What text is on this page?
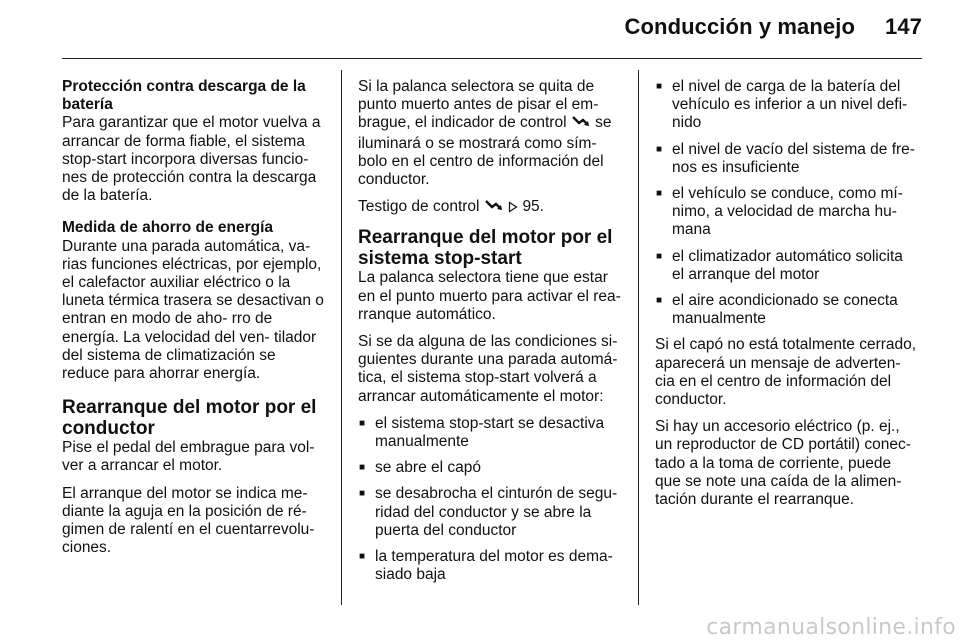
Conducción y manejo 147
Protección contra descarga de la batería

Para garantizar que el motor vuelva a arrancar de forma fiable, el sistema stop-start incorpora diversas funcio- nes de protección contra la descarga de la batería.

Medida de ahorro de energía

Durante una parada automática, va- rias funciones eléctricas, por ejemplo, el calefactor auxiliar eléctrico o la luneta térmica trasera se desactivan o entran en modo de aho- rro de energía. La velocidad del ven- tilador del sistema de climatización se reduce para ahorrar energía.

Rearranque del motor por el conductor

Pise el pedal del embrague para vol- ver a arrancar el motor.

El arranque del motor se indica me- diante la aguja en la posición de ré- gimen de ralentí en el cuentarrevolu- ciones.

Si la palanca selectora se quita de punto muerto antes de pisar el em- brague, el indicador de control se iluminará o se mostrará como sím- bolo en el centro de información del conductor.

Testigo de control	95.

Rearranque del motor por el sistema stop-start

La palanca selectora tiene que estar en el punto muerto para activar el rea- rranque automático.

Si se da alguna de las condiciones si- guientes durante una parada automá- tica, el sistema stop-start volverá a arrancar automáticamente el motor:

■ el sistema stop-start se desactiva manualmente
■ se abre el capó
■ se desabrocha el cinturón de segu- ridad del conductor y se abre la puerta del conductor
■ la temperatura del motor es dema- siado baja
■ el nivel de carga de la batería del vehículo es inferior a un nivel defi- nido
■ el nivel de vacío del sistema de fre- nos es insuficiente
■ el vehículo se conduce, como mí- nimo, a velocidad de marcha hu- mana
■ el climatizador automático solicita el arranque del motor
■ el aire acondicionado se conecta manualmente

Si el capó no está totalmente cerrado, aparecerá un mensaje de adverten- cia en el centro de información del conductor.

Si hay un accesorio eléctrico (p. ej., un reproductor de CD portátil) conec- tado a la toma de corriente, puede que se note una caída de la alimen- tación durante el rearranque.

carmanualsonline.info
